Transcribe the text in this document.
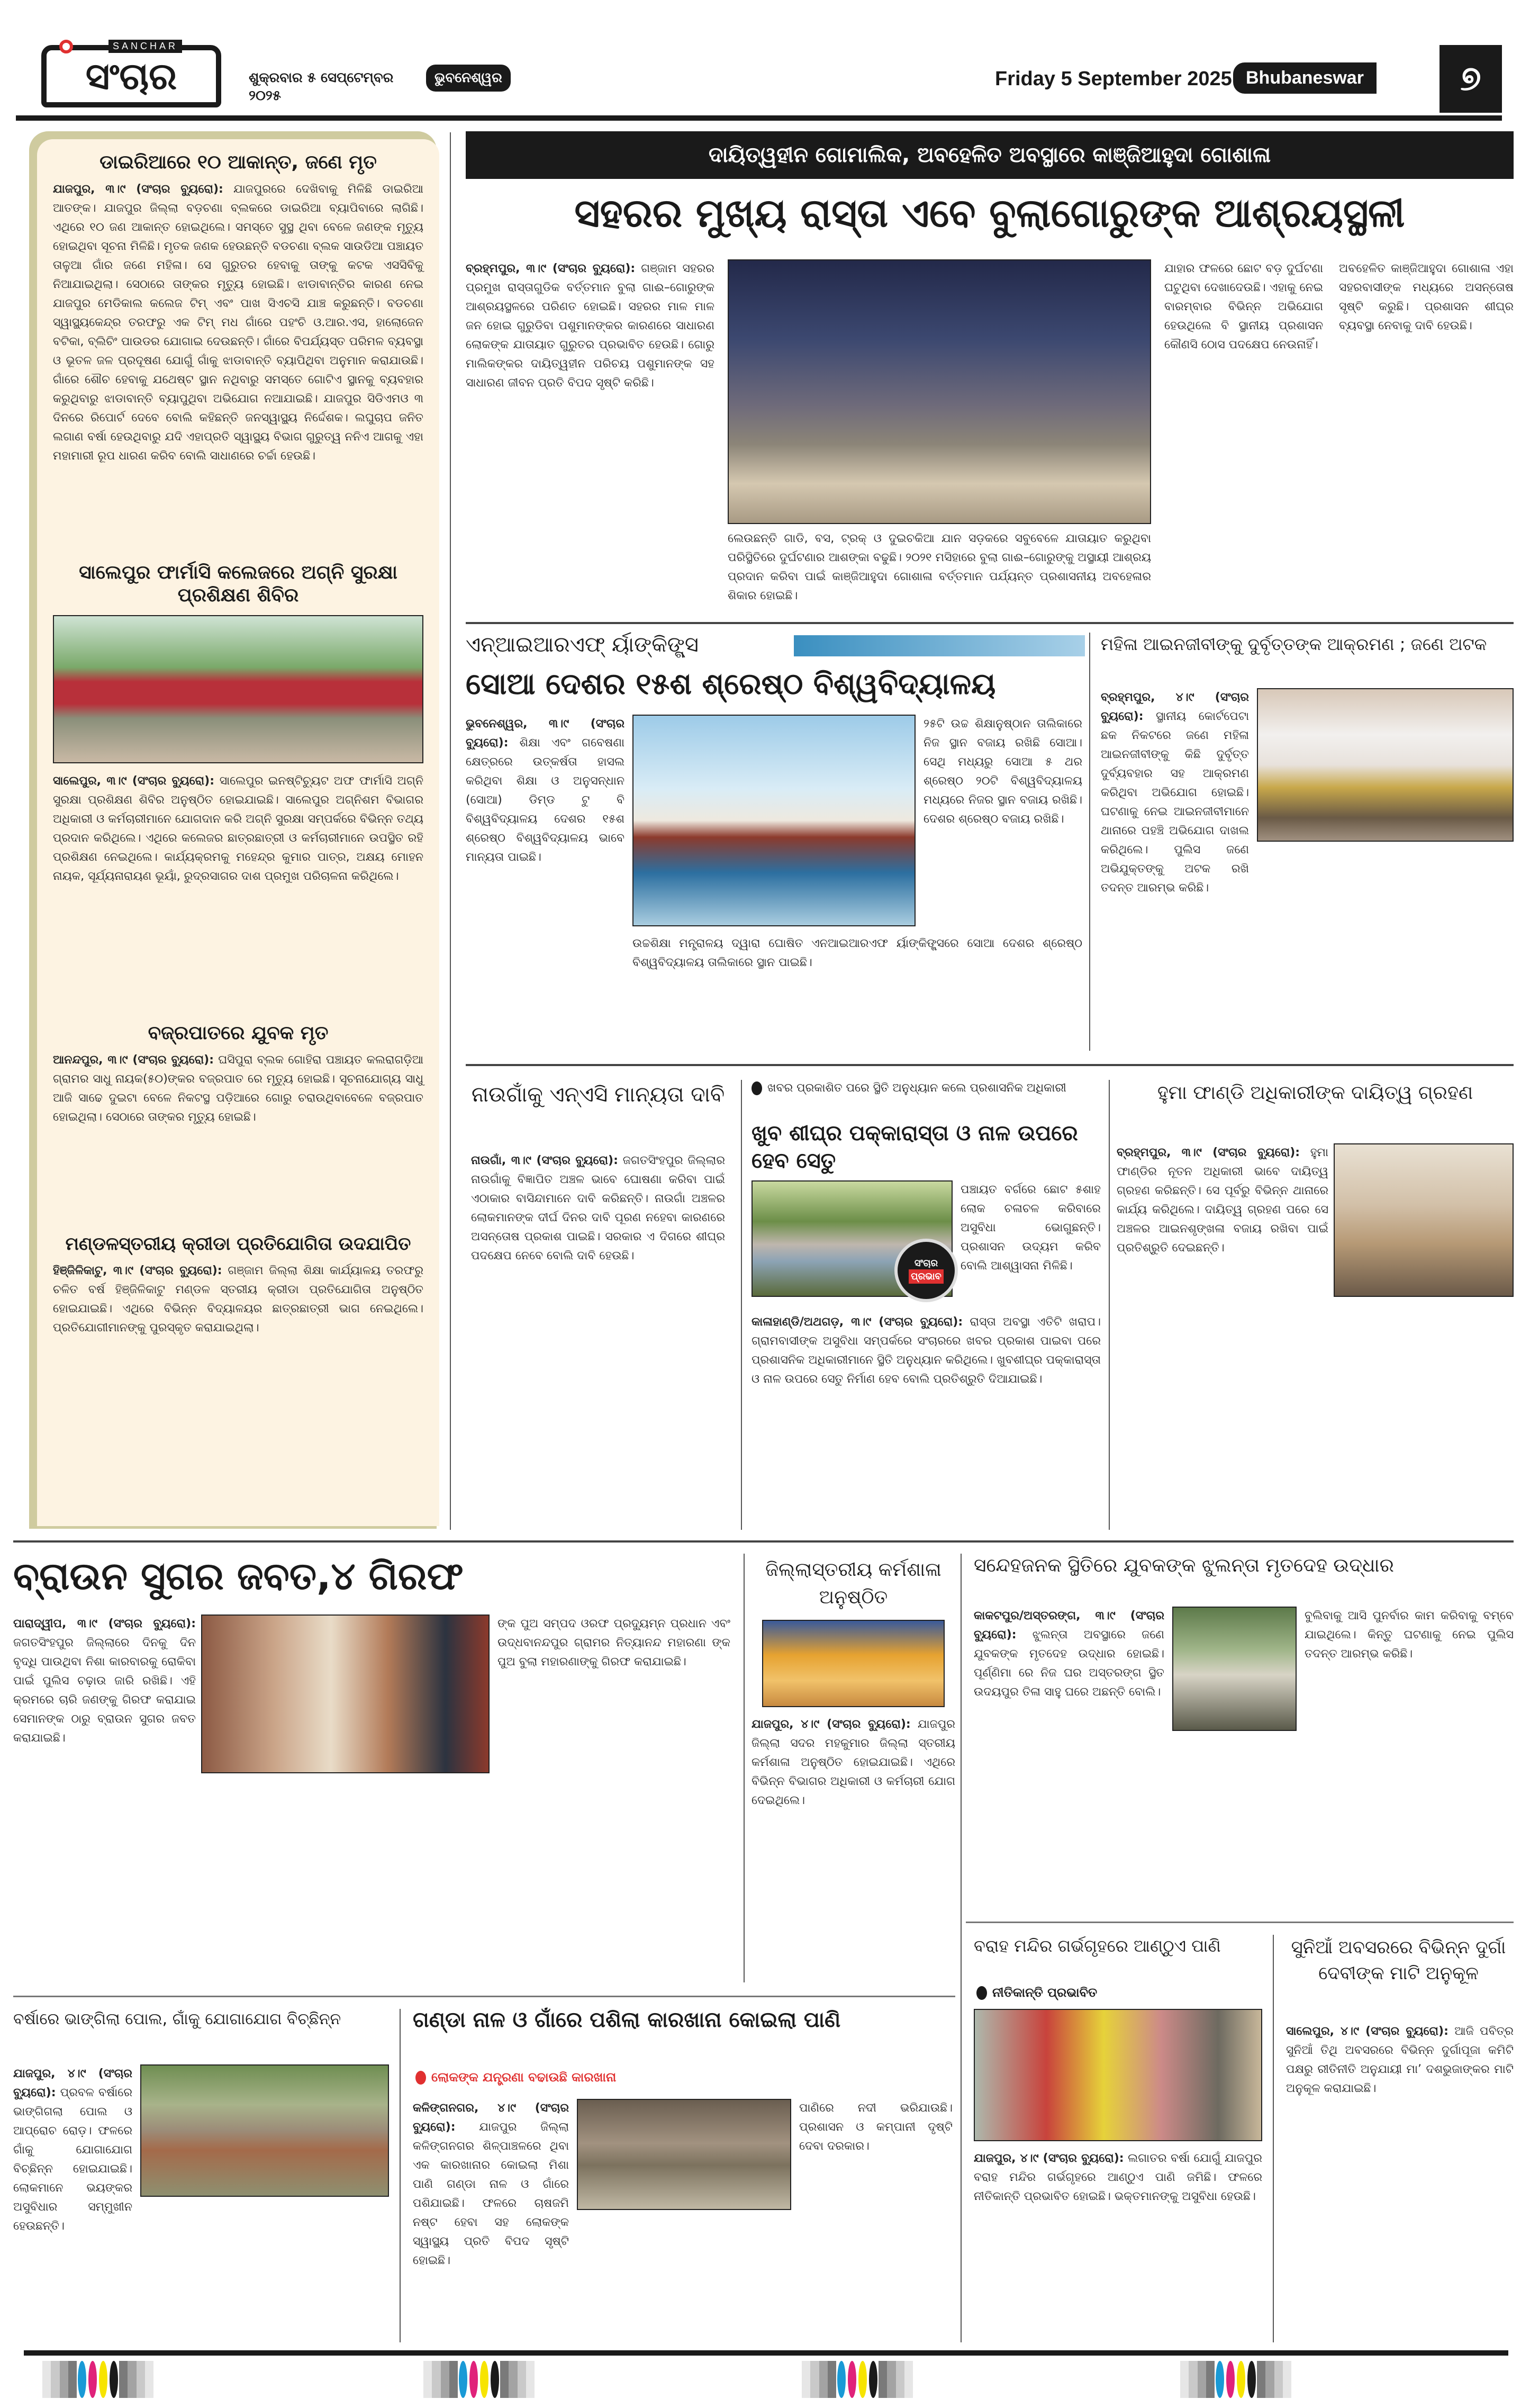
ସଂଚାର
SANCHAR
ଶୁକ୍ରବାର ୫ ସେପ୍ଟେମ୍ବର ୨୦୨୫
ଭୁବନେଶ୍ୱର	Friday 5 September 2025 Bhubaneswar	୭
ଡାଇରିଆରେ ୧୦ ଆକାନ୍ତ, ଜଣେ ମୃତ
ଯାଜପୁର, ୩।୯ (ସଂଚାର ବ୍ୟୁରୋ): ଯାଜପୁରରେ ଦେଖିବାକୁ ମିଳିଛି ଡାଇରିଆ ଆତଙ୍କ। ଯାଜପୁର ଜିଲ୍ଲା ବଡ଼ଚଣା ବ୍ଲକରେ ଡାଇରିଆ ବ୍ୟାପିବାରେ ଲାଗିଛି। ଏଥିରେ ୧୦ ଜଣ ଆକାନ୍ତ ହୋଇଥିଲେ। ସମସ୍ତେ ସୁସ୍ଥ ଥିବା ବେଳେ ଜଣଙ୍କ ମୃତ୍ୟୁ ହୋଇଥିବା ସୂଚନା ମିଳିଛି। ମୃତକ ଜଣକ ହେଉଛନ୍ତି ବଡଚଣା ବ୍ଲକ ସାଉଡିଆ ପଞ୍ଚାୟତ ତାଳୁଆ ଗାଁର ଜଣେ ମହିଳା। ସେ ଗୁରୁତର ହେବାକୁ ତାଙ୍କୁ କଟକ ଏସସିବିକୁ ନିଆଯାଇଥିଲା। ସେଠାରେ ତାଙ୍କର ମୃତ୍ୟୁ ହୋଇଛି। ଝାଡାବାନ୍ତିର କାରଣ ନେଇ ଯାଜପୁର ମେଡିକାଲ କଲେଜ ଟିମ୍ ଏବଂ ପାଖ ସିଏଚସି ଯାଞ୍ଚ କରୁଛନ୍ତି। ବଡଚଣା ସ୍ୱାସ୍ଥ୍ୟକେନ୍ଦ୍ର ତରଫରୁ ଏକ ଟିମ୍ ମଧ ଗାଁରେ ପହଂଚି ଓ.ଆର.ଏସ, ହାଲୋଜେନ ବଟିକା, ବ୍ଲିଚିଂ ପାଉଡର ଯୋଗାଇ ଦେଉଛନ୍ତି। ଗାଁରେ ବିପର୍ଯ୍ୟସ୍ତ ପରିମଳ ବ୍ୟବସ୍ଥା ଓ ଭୂତଳ ଜଳ ପ୍ରଦୂଷଣ ଯୋଗୁଁ ଗାଁକୁ ଝାଡାବାନ୍ତି ବ୍ୟାପିଥିବା ଅନୁମାନ କରାଯାଉଛି। ଗାଁରେ ଶୌଚ ହେବାକୁ ଯଥେଷ୍ଟ ସ୍ଥାନ ନଥିବାରୁ ସମସ୍ତେ ଗୋଟିଏ ସ୍ଥାନକୁ ବ୍ୟବହାର କରୁଥିବାରୁ ଝାଡାବାନ୍ତି ବ୍ୟାପୁଥିବା ଅଭିଯୋଗ ନଆଯାଇଛି। ଯାଜପୁର ସିଡିଏମଓ ୩ ଦିନରେ ରିପୋର୍ଟ ଦେବେ ବୋଲି କହିଛନ୍ତି ଜନସ୍ୱାସ୍ଥ୍ୟ ନିର୍ଦ୍ଦେଶକ। ଲଘୁଚାପ ଜନିତ ଲଗାଣ ବର୍ଷା ହେଉଥିବାରୁ ଯଦି ଏହାପ୍ରତି ସ୍ୱାସ୍ଥ୍ୟ ବିଭାଗ ଗୁରୁତ୍ୱ ନନିଏ ଆଗକୁ ଏହା ମହାମାରୀ ରୂପ ଧାରଣ କରିବ ବୋଲି ସାଧାଣରେ ଚର୍ଚ୍ଚା ହେଉଛି।
ସାଲେପୁର ଫାର୍ମାସି କଲେଜରେ ଅଗ୍ନି ସୁରକ୍ଷା ପ୍ରଶିକ୍ଷଣ ଶିବିର
ସାଲେପୁର, ୩।୯ (ସଂଚାର ବ୍ୟୁରୋ): ସାଲେପୁର ଇନଷ୍ଟିଚ୍ୟୁଟ ଅଫ ଫାର୍ମାସି ଅଗ୍ନି ସୁରକ୍ଷା ପ୍ରଶିକ୍ଷଣ ଶିବିର ଅନୁଷ୍ଠିତ ହୋଇଯାଇଛି। ସାଲେପୁର ଅଗ୍ନିଶମ ବିଭାଗର ଅଧିକାରୀ ଓ କର୍ମଚାରୀମାନେ ଯୋଗଦାନ କରି ଅଗ୍ନି ସୁରକ୍ଷା ସମ୍ପର୍କରେ ବିଭିନ୍ନ ତଥ୍ୟ ପ୍ରଦାନ କରିଥିଲେ। ଏଥିରେ କଲେଜର ଛାତ୍ରଛାତ୍ରୀ ଓ କର୍ମଚାରୀମାନେ ଉପସ୍ଥିତ ରହି ପ୍ରଶିକ୍ଷଣ ନେଇଥିଲେ। କାର୍ଯ୍ୟକ୍ରମକୁ ମହେନ୍ଦ୍ର କୁମାର ପାତ୍ର, ଅକ୍ଷୟ ମୋହନ ନାୟକ, ସୂର୍ଯ୍ୟନାରାୟଣ ଭୂୟାଁ, ରୁଦ୍ରସାଗର ଦାଶ ପ୍ରମୁଖ ପରିଚାଳନା କରିଥିଲେ।
ବଜ୍ରପାତରେ ଯୁବକ ମୃତ
ଆନନ୍ଦପୁର, ୩।୯ (ସଂଚାର ବ୍ୟୁରୋ): ଘସିପୁରା ବ୍ଲକ ଗୋହିରା ପଞ୍ଚାୟତ କଲରାଗଡ଼ିଆ ଗ୍ରାମର ସାଧୁ ନାୟକ(୫୦)ଙ୍କର ବଜ୍ରପାତ ରେ ମୃତ୍ୟୁ ହୋଇଛି। ସୂଚନାଯୋଗ୍ୟ ସାଧୁ ଆଜି ସାଢେ ଦୁଇଟା ବେଳେ ନିକଟସ୍ଥ ପଡ଼ିଆରେ ଗୋରୁ ଚରାଉଥିବାବେଳେ ବଜ୍ରପାତ ହୋଇଥିଲା। ସେଠାରେ ତାଙ୍କର ମୃତ୍ୟୁ ହୋଇଛି।
ମଣ୍ଡଳସ୍ତରୀୟ କ୍ରୀଡା ପ୍ରତିଯୋଗିତା ଉଦଯାପିତ
ହିଞ୍ଜିଳିକାଟୁ, ୩।୯ (ସଂଚାର ବ୍ୟୁରୋ): ଗଞ୍ଜାମ ଜିଲ୍ଲା ଶିକ୍ଷା କାର୍ଯ୍ୟାଳୟ ତରଫରୁ ଚଳିତ ବର୍ଷ ହିଞ୍ଜିଳିକାଟୁ ମଣ୍ଡଳ ସ୍ତରୀୟ କ୍ରୀଡା ପ୍ରତିଯୋଗିତା ଅନୁଷ୍ଠିତ ହୋଇଯାଇଛି। ଏଥିରେ ବିଭିନ୍ନ ବିଦ୍ୟାଳୟର ଛାତ୍ରଛାତ୍ରୀ ଭାଗ ନେଇଥିଲେ। ପ୍ରତିଯୋଗୀମାନଙ୍କୁ ପୁରସ୍କୃତ କରାଯାଇଥିଲା।
ଦାୟିତ୍ୱହୀନ ଗୋମାଲିକ, ଅବହେଳିତ ଅବସ୍ଥାରେ କାଞ୍ଜିଆହୁଦା ଗୋଶାଳା
ସହରର ମୁଖ୍ୟ ରାସ୍ତା ଏବେ ବୁଲାଗୋରୁଙ୍କ ଆଶ୍ରୟସ୍ଥଳୀ
ବ୍ରହ୍ମପୁର, ୩।୯ (ସଂଚାର ବ୍ୟୁରୋ): ଗଞ୍ଜାମ ସହରର ପ୍ରମୁଖ ରାସ୍ତାଗୁଡିକ ବର୍ତ୍ତମାନ ବୁଲା ଗାଈ–ଗୋରୁଙ୍କ ଆଶ୍ରୟସ୍ଥଳରେ ପରିଣତ ହୋଇଛି। ସହରର ମାଳ ମାଳ ଜନ ହୋଇ ଗୁରୁଡିବା ପଶୁମାନଙ୍କର କାରଣରେ ସାଧାରଣ ଲୋକଙ୍କ ଯାତାୟାତ ଗୁରୁତର ପ୍ରଭାବିତ ହେଉଛି। ଗୋରୁ ମାଲିକଙ୍କର ଦାୟିତ୍ୱହୀନ ପରିଚୟ ପଶୁମାନଙ୍କ ସହ ସାଧାରଣ ଜୀବନ ପ୍ରତି ବିପଦ ସୃଷ୍ଟି କରିଛି।
ଯାହାର ଫଳରେ ଛୋଟ ବଡ଼ ଦୁର୍ଘଟଣା ଘଟୁଥିବା ଦେଖାଦେଉଛି। ଏହାକୁ ନେଇ ବାରମ୍ବାର ବିଭିନ୍ନ ଅଭିଯୋଗ ହେଉଥିଲେ ବି ସ୍ଥାନୀୟ ପ୍ରଶାସନ କୌଣସି ଠୋସ ପଦକ୍ଷେପ ନେଉନାହିଁ।
ଅବହେଳିତ କାଞ୍ଜିଆହୁଦା ଗୋଶାଳା ଏହା ସହରବାସୀଙ୍କ ମଧ୍ୟରେ ଅସନ୍ତୋଷ ସୃଷ୍ଟି କରୁଛି। ପ୍ରଶାସନ ଶୀଘ୍ର ବ୍ୟବସ୍ଥା ନେବାକୁ ଦାବି ହେଉଛି।
ଲେଉଛନ୍ତି ଗାଡି, ବସ, ଟ୍ରକ୍ ଓ ଦୁଇଚକିଆ ଯାନ ସଡ଼କରେ ସବୁବେଳେ ଯାତାୟାତ କରୁଥିବା ପରିସ୍ଥିତିରେ ଦୁର୍ଘଟଣାର ଆଶଙ୍କା ବଢୁଛି। ୨୦୨୧ ମସିହାରେ ବୁଲା ଗାଈ–ଗୋରୁଙ୍କୁ ଅସ୍ଥାୟୀ ଆଶ୍ରୟ ପ୍ରଦାନ କରିବା ପାଇଁ କାଞ୍ଜିଆହୁଦା ଗୋଶାଳା ବର୍ତ୍ତମାନ ପର୍ଯ୍ୟନ୍ତ ପ୍ରଶାସନୀୟ ଅବହେଳାର ଶିକାର ହୋଇଛି।
ଏନ୍ଆଇଆରଏଫ୍ ର୍ୟାଙ୍କିଙ୍ଗ୍ସ
ସୋଆ ଦେଶର ୧୫ଶ ଶ୍ରେଷ୍ଠ ବିଶ୍ୱବିଦ୍ୟାଳୟ
ଭୁବନେଶ୍ୱର, ୩।୯ (ସଂଚାର ବ୍ୟୁରୋ): ଶିକ୍ଷା ଏବଂ ଗବେଷଣା କ୍ଷେତ୍ରରେ ଉତ୍କର୍ଷତା ହାସଲ କରିଥିବା ଶିକ୍ଷା ଓ ଅନୁସନ୍ଧାନ (ସୋଆ) ଡିମ୍ଡ ଟୁ ବି ବିଶ୍ୱବିଦ୍ୟାଳୟ ଦେଶର ୧୫ଶ ଶ୍ରେଷ୍ଠ ବିଶ୍ୱବିଦ୍ୟାଳୟ ଭାବେ ମାନ୍ୟତା ପାଇଛି।
୨୫ଟି ଉଚ୍ଚ ଶିକ୍ଷାନୁଷ୍ଠାନ ତାଲିକାରେ ନିଜ ସ୍ଥାନ ବଜାୟ ରଖିଛି ସୋଆ। ସେଥି ମଧ୍ୟରୁ ସୋଆ ୫ ଥର ଶ୍ରେଷ୍ଠ ୨୦ଟି ବିଶ୍ୱବିଦ୍ୟାଳୟ ମଧ୍ୟରେ ନିଜର ସ୍ଥାନ ବଜାୟ ରଖିଛି। ଦେଶର ଶ୍ରେଷ୍ଠ ବଜାୟ ରଖିଛି।
ଉଚ୍ଚଶିକ୍ଷା ମନ୍ତ୍ରାଳୟ ଦ୍ୱାରା ଘୋଷିତ ଏନଆଇଆରଏଫ ର୍ୟାଙ୍କିଙ୍ଗ୍ସରେ ସୋଆ ଦେଶର ଶ୍ରେଷ୍ଠ ବିଶ୍ୱବିଦ୍ୟାଳୟ ତାଲିକାରେ ସ୍ଥାନ ପାଇଛି।
ମହିଳା ଆଇନଜୀବୀଙ୍କୁ ଦୁର୍ବୃତ୍ତଙ୍କ ଆକ୍ରମଣ ; ଜଣେ ଅଟକ
ବ୍ରହ୍ମପୁର, ୪।୯ (ସଂଚାର ବ୍ୟୁରୋ): ସ୍ଥାନୀୟ କୋର୍ଟପେଟା ଛକ ନିକଟରେ ଜଣେ ମହିଳା ଆଇନଜୀବୀଙ୍କୁ କିଛି ଦୁର୍ବୃତ୍ତ ଦୁର୍ବ୍ୟବହାର ସହ ଆକ୍ରମଣ କରିଥିବା ଅଭିଯୋଗ ହୋଇଛି। ଘଟଣାକୁ ନେଇ ଆଇନଜୀବୀମାନେ ଥାନାରେ ପହଞ୍ଚି ଅଭିଯୋଗ ଦାଖଲ କରିଥିଲେ। ପୁଲିସ ଜଣେ ଅଭିଯୁକ୍ତଙ୍କୁ ଅଟକ ରଖି ତଦନ୍ତ ଆରମ୍ଭ କରିଛି।
ନାଉଗାଁକୁ ଏନ୍ଏସି ମାନ୍ୟତା ଦାବି
ନାଉଗାଁ, ୩।୯ (ସଂଚାର ବ୍ୟୁରୋ): ଜଗତସିଂହପୁର ଜିଲ୍ଲାର ନାଉଗାଁକୁ ବିଜ୍ଞାପିତ ଅଞ୍ଚଳ ଭାବେ ଘୋଷଣା କରିବା ପାଇଁ ଏଠାକାର ବାସିନ୍ଦାମାନେ ଦାବି କରିଛନ୍ତି। ନାଉଗାଁ ଅଞ୍ଚଳର ଲୋକମାନଙ୍କ ଦୀର୍ଘ ଦିନର ଦାବି ପୂରଣ ନହେବା କାରଣରେ ଅସନ୍ତୋଷ ପ୍ରକାଶ ପାଇଛି। ସରକାର ଏ ଦିଗରେ ଶୀଘ୍ର ପଦକ୍ଷେପ ନେବେ ବୋଲି ଦାବି ହେଉଛି।
ଖବର ପ୍ରକାଶିତ ପରେ ସ୍ଥିତି ଅନୁଧ୍ୟାନ କଲେ ପ୍ରଶାସନିକ ଅଧିକାରୀ
ଖୁବ ଶୀଘ୍ର ପକ୍କାରାସ୍ତା ଓ ନାଳ ଉପରେ ହେବ ସେତୁ
ପଞ୍ଚାୟତ ବର୍ଗରେ ଛୋଟ ୫ଶାହ ଲୋକ ଚଳାଚଳ କରିବାରେ ଅସୁବିଧା ଭୋଗୁଛନ୍ତି। ପ୍ରଶାସନ ଉଦ୍ୟମ କରିବ ବୋଲି ଆଶ୍ୱାସନା ମିଳିଛି।
ସଂଚାର
ପ୍ରଭାବ
କାଳାହାଣ୍ଡି/ଅଥଗଡ଼, ୩।୯ (ସଂଚାର ବ୍ୟୁରୋ): ରାସ୍ତା ଅବସ୍ଥା ଏତିଟି ଖରାପ। ଗ୍ରାମବାସୀଙ୍କ ଅସୁବିଧା ସମ୍ପର୍କରେ ସଂଚାରରେ ଖବର ପ୍ରକାଶ ପାଇବା ପରେ ପ୍ରଶାସନିକ ଅଧିକାରୀମାନେ ସ୍ଥିତି ଅନୁଧ୍ୟାନ କରିଥିଲେ। ଖୁବଶୀଘ୍ର ପକ୍କାରାସ୍ତା ଓ ନାଳ ଉପରେ ସେତୁ ନିର୍ମାଣ ହେବ ବୋଲି ପ୍ରତିଶ୍ରୁତି ଦିଆଯାଇଛି।
ହୁମା ଫାଣ୍ଡି ଅଧିକାରୀଙ୍କ ଦାୟିତ୍ୱ ଗ୍ରହଣ
ବ୍ରହ୍ମପୁର, ୩।୯ (ସଂଚାର ବ୍ୟୁରୋ): ହୁମା ଫାଣ୍ଡିର ନୂତନ ଅଧିକାରୀ ଭାବେ ଦାୟିତ୍ୱ ଗ୍ରହଣ କରିଛନ୍ତି। ସେ ପୂର୍ବରୁ ବିଭିନ୍ନ ଥାନାରେ କାର୍ଯ୍ୟ କରିଥିଲେ। ଦାୟିତ୍ୱ ଗ୍ରହଣ ପରେ ସେ ଅଞ୍ଚଳର ଆଇନଶୃଙ୍ଖଳା ବଜାୟ ରଖିବା ପାଇଁ ପ୍ରତିଶ୍ରୁତି ଦେଇଛନ୍ତି।
ବ୍ରାଉନ ସୁଗର ଜବତ,୪ ଗିରଫ
ପାରାଦ୍ୱୀପ, ୩।୯ (ସଂଚାର ବ୍ୟୁରୋ): ଜଗତସିଂହପୁର ଜିଲ୍ଲାରେ ଦିନକୁ ଦିନ ବୃଦ୍ଧି ପାଉଥିବା ନିଶା କାରବାରକୁ ରୋକିବା ପାଇଁ ପୁଲିସ ଚଢ଼ାଉ ଜାରି ରଖିଛି। ଏହି କ୍ରମରେ ଚାରି ଜଣଙ୍କୁ ଗିରଫ କରାଯାଇ ସେମାନଙ୍କ ଠାରୁ ବ୍ରାଉନ ସୁଗର ଜବତ କରାଯାଇଛି।
ଙ୍କ ପୁଅ ସମ୍ପଦ ଓରଫ ପ୍ରଦ୍ୟୁମ୍ନ ପ୍ରଧାନ ଏବଂ ଉଦ୍ଧବାନନ୍ଦପୁର ଗ୍ରାମର ନିତ୍ୟାନନ୍ଦ ମହାରଣା ଙ୍କ ପୁଅ ବୁଲା ମହାରଣାଙ୍କୁ ଗିରଫ କରାଯାଇଛି।
ଜିଲ୍ଲାସ୍ତରୀୟ କର୍ମଶାଳା ଅନୁଷ୍ଠିତ
ଯାଜପୁର, ୪।୯ (ସଂଚାର ବ୍ୟୁରୋ): ଯାଜପୁର ଜିଲ୍ଲା ସଦର ମହକୁମାର ଜିଲ୍ଲା ସ୍ତରୀୟ କର୍ମଶାଳା ଅନୁଷ୍ଠିତ ହୋଇଯାଇଛି। ଏଥିରେ ବିଭିନ୍ନ ବିଭାଗର ଅଧିକାରୀ ଓ କର୍ମଚାରୀ ଯୋଗ ଦେଇଥିଲେ।
ସନ୍ଦେହଜନକ ସ୍ଥିତିରେ ଯୁବକଙ୍କ ଝୁଲନ୍ତା ମୃତଦେହ ଉଦ୍ଧାର
କାକଟପୁର/ଅସ୍ତରଙ୍ଗ, ୩।୯ (ସଂଚାର ବ୍ୟୁରୋ): ଝୁଲନ୍ତା ଅବସ୍ଥାରେ ଜଣେ ଯୁବକଙ୍କ ମୃତଦେହ ଉଦ୍ଧାର ହୋଇଛି। ପୂର୍ଣ୍ଣିମା ରେ ନିଜ ଘର ଅସ୍ତରଙ୍ଗ ସ୍ଥିତ ଉଦୟପୁର ତିଳା ସାହୁ ଘରେ ଅଛନ୍ତି ବୋଲି।
ବୁଲିବାକୁ ଆସି ପୁନର୍ବାର କାମ କରିବାକୁ ବମ୍ବେ ଯାଇଥିଲେ। କିନ୍ତୁ ଘଟଣାକୁ ନେଇ ପୁଲିସ ତଦନ୍ତ ଆରମ୍ଭ କରିଛି।
ବରାହ ମନ୍ଦିର ଗର୍ଭଗୃହରେ ଆଣ୍ଠୁଏ ପାଣି
ନୀତିକାନ୍ତି ପ୍ରଭାବିତ
ଯାଜପୁର, ୪।୯ (ସଂଚାର ବ୍ୟୁରୋ): ଲଗାତର ବର୍ଷା ଯୋଗୁଁ ଯାଜପୁର ବରାହ ମନ୍ଦିର ଗର୍ଭଗୃହରେ ଆଣ୍ଠୁଏ ପାଣି ଜମିଛି। ଫଳରେ ନୀତିକାନ୍ତି ପ୍ରଭାବିତ ହୋଇଛି। ଭକ୍ତମାନଙ୍କୁ ଅସୁବିଧା ହେଉଛି।
ସୁନିଆଁ ଅବସରରେ ବିଭିନ୍ନ ଦୁର୍ଗା ଦେବୀଙ୍କ ମାଟି ଅନୁକୂଳ
ସାଲେପୁର, ୪।୯ (ସଂଚାର ବ୍ୟୁରୋ): ଆଜି ପବିତ୍ର ସୁନିଆଁ ତିଥି ଅବସରରେ ବିଭିନ୍ନ ଦୁର୍ଗାପୂଜା କମିଟି ପକ୍ଷରୁ ରୀତିନୀତି ଅନୁଯାୟୀ ମା’ ଦଶଭୁଜାଙ୍କର ମାଟି ଅନୁକୂଳ କରାଯାଇଛି।
ବର୍ଷାରେ ଭାଙ୍ଗିଲା ପୋଲ, ଗାଁକୁ ଯୋଗାଯୋଗ ବିଚ୍ଛିନ୍ନ
ଯାଜପୁର, ୪।୯ (ସଂଚାର ବ୍ୟୁରୋ): ପ୍ରବଳ ବର୍ଷାରେ ଭାଙ୍ଗିଗଲା ପୋଲ ଓ ଆପ୍ରୋଚ ରୋଡ଼। ଫଳରେ ଗାଁକୁ ଯୋଗାଯୋଗ ବିଚ୍ଛିନ୍ନ ହୋଇଯାଇଛି। ଲୋକମାନେ ଭୟଙ୍କର ଅସୁବିଧାର ସମ୍ମୁଖୀନ ହେଉଛନ୍ତି।
ଗଣ୍ଡା ନାଳ ଓ ଗାଁରେ ପଶିଲା କାରଖାନା କୋଇଲା ପାଣି
ଲୋକଙ୍କ ଯନ୍ତ୍ରଣା ବଢାଉଛି କାରଖାନା
କଳିଙ୍ଗନଗର, ୪।୯ (ସଂଚାର ବ୍ୟୁରୋ): ଯାଜପୁର ଜିଲ୍ଲା କଳିଙ୍ଗନଗର ଶିଳ୍ପାଞ୍ଚଳରେ ଥିବା ଏକ କାରଖାନାର କୋଇଲା ମିଶା ପାଣି ଗଣ୍ଡା ନାଳ ଓ ଗାଁରେ ପଶିଯାଇଛି। ଫଳରେ ଚାଷଜମି ନଷ୍ଟ ହେବା ସହ ଲୋକଙ୍କ ସ୍ୱାସ୍ଥ୍ୟ ପ୍ରତି ବିପଦ ସୃଷ୍ଟି ହୋଇଛି।
ପାଣିରେ ନଦୀ ଭରିଯାଉଛି। ପ୍ରଶାସନ ଓ କମ୍ପାନୀ ଦୃଷ୍ଟି ଦେବା ଦରକାର।
